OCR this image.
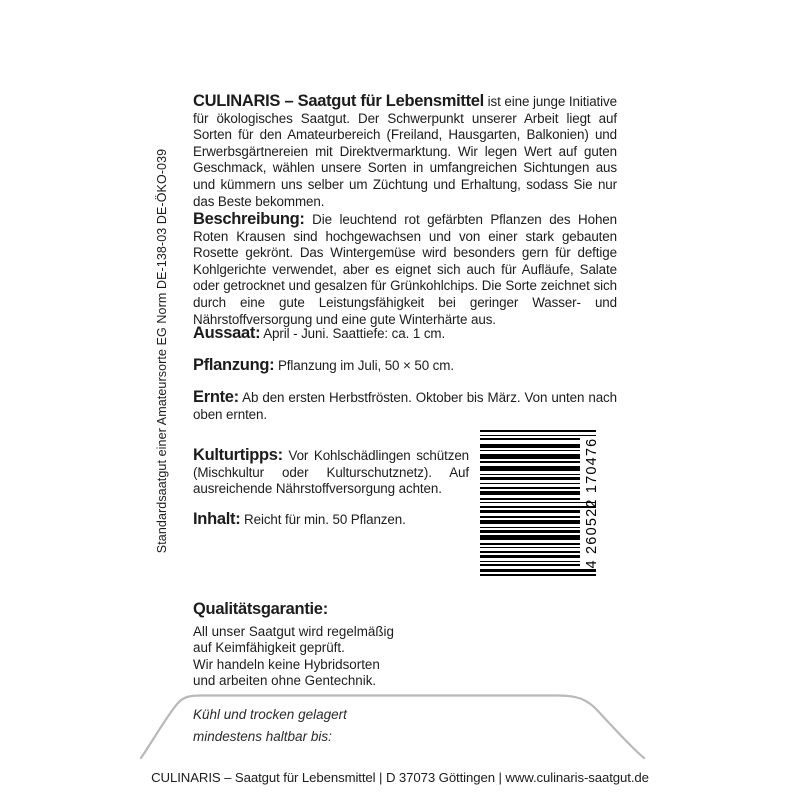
Standardsaatgut einer Amateursorte EG Norm DE-138-03 DE-ÖKO-039
CULINARIS – Saatgut für Lebensmittel ist eine junge Initiative für ökologisches Saatgut. Der Schwerpunkt unserer Arbeit liegt auf Sorten für den Amateurbereich (Freiland, Hausgarten, Balkonien) und Erwerbsgärtnereien mit Direktvermarktung. Wir legen Wert auf guten Geschmack, wählen unsere Sorten in umfangreichen Sichtungen aus und kümmern uns selber um Züchtung und Erhaltung, sodass Sie nur das Beste bekommen.
Beschreibung: Die leuchtend rot gefärbten Pflanzen des Hohen Roten Krausen sind hochgewachsen und von einer stark gebauten Rosette gekrönt. Das Wintergemüse wird besonders gern für deftige Kohlgerichte verwendet, aber es eignet sich auch für Aufläufe, Salate oder getrocknet und gesalzen für Grünkohlchips. Die Sorte zeichnet sich durch eine gute Leistungsfähigkeit bei geringer Wasser- und Nährstoffversorgung und eine gute Winterhärte aus.
Aussaat: April - Juni. Saattiefe: ca. 1 cm.
Pflanzung: Pflanzung im Juli, 50 × 50 cm.
Ernte: Ab den ersten Herbstfrösten. Oktober bis März. Von unten nach oben ernten.
Kulturtipps: Vor Kohlschädlingen schützen (Mischkultur oder Kulturschutznetz). Auf ausreichende Nährstoffversorgung achten.
Inhalt: Reicht für min. 50 Pflanzen.	4 260522 170476
Qualitätsgarantie:
All unser Saatgut wird regelmäßig
auf Keimfähigkeit geprüft.
Wir handeln keine Hybridsorten
und arbeiten ohne Gentechnik.
Kühl und trocken gelagert
mindestens haltbar bis:
CULINARIS – Saatgut für Lebensmittel | D 37073 Göttingen | www.culinaris-saatgut.de
